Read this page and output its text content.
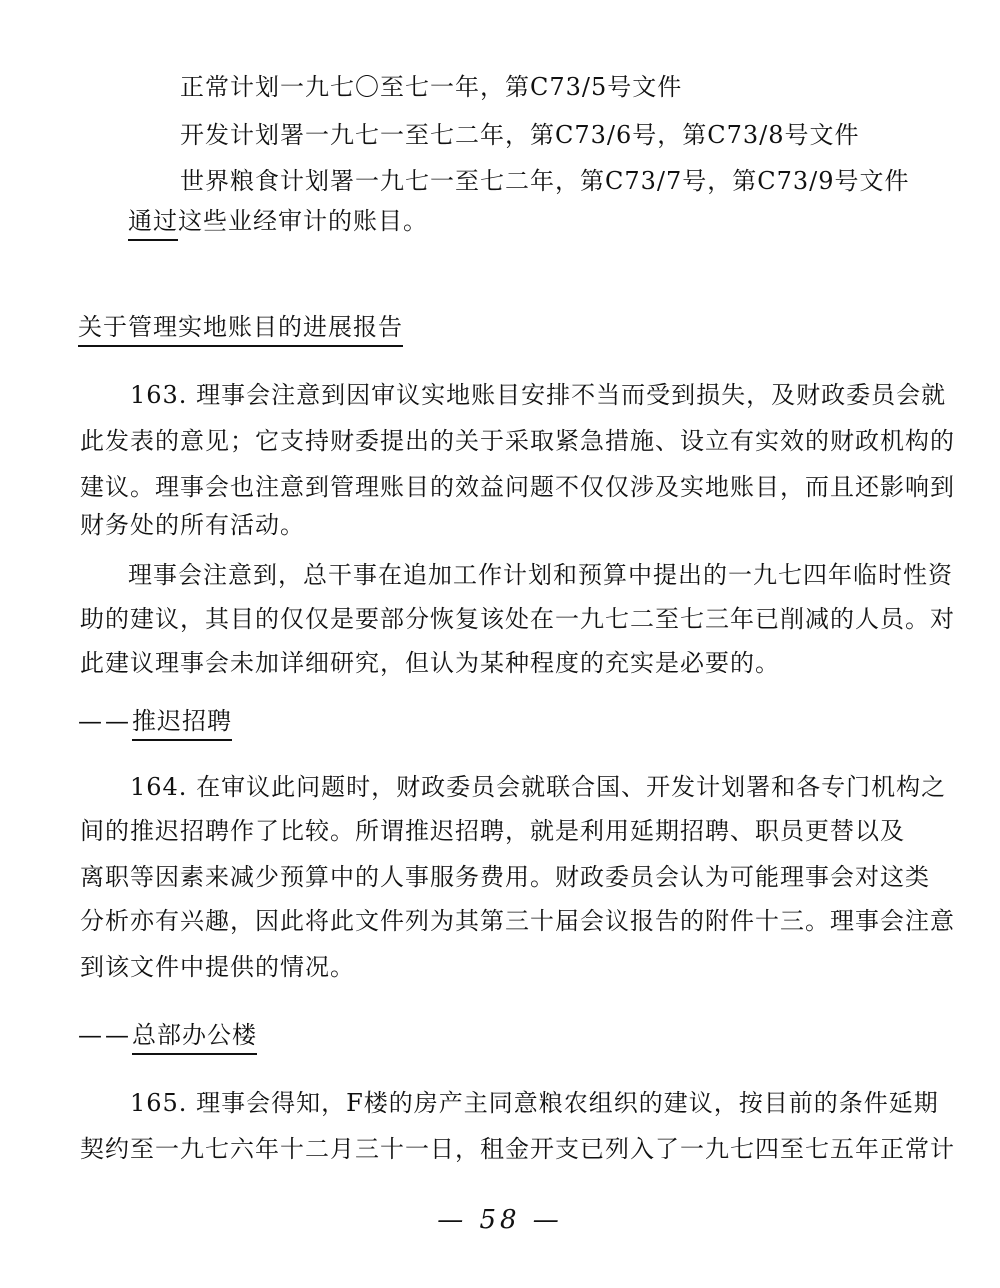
正常计划一九七〇至七一年，第C73/5号文件
开发计划署一九七一至七二年，第C73/6号，第C73/8号文件
世界粮食计划署一九七一至七二年，第C73/7号，第C73/9号文件
通过这些业经审计的账目。
关于管理实地账目的进展报告
163. 理事会注意到因审议实地账目安排不当而受到损失，及财政委员会就
此发表的意见；它支持财委提出的关于采取紧急措施、设立有实效的财政机构的
建议。理事会也注意到管理账目的效益问题不仅仅涉及实地账目，而且还影响到
财务处的所有活动。
理事会注意到，总干事在追加工作计划和预算中提出的一九七四年临时性资
助的建议，其目的仅仅是要部分恢复该处在一九七二至七三年已削减的人员。对
此建议理事会未加详细研究，但认为某种程度的充实是必要的。
——推迟招聘
164. 在审议此问题时，财政委员会就联合国、开发计划署和各专门机构之
间的推迟招聘作了比较。所谓推迟招聘，就是利用延期招聘、职员更替以及
离职等因素来减少预算中的人事服务费用。财政委员会认为可能理事会对这类
分析亦有兴趣，因此将此文件列为其第三十届会议报告的附件十三。理事会注意
到该文件中提供的情况。
——总部办公楼
165. 理事会得知，F楼的房产主同意粮农组织的建议，按目前的条件延期
契约至一九七六年十二月三十一日，租金开支已列入了一九七四至七五年正常计
— 58 —
